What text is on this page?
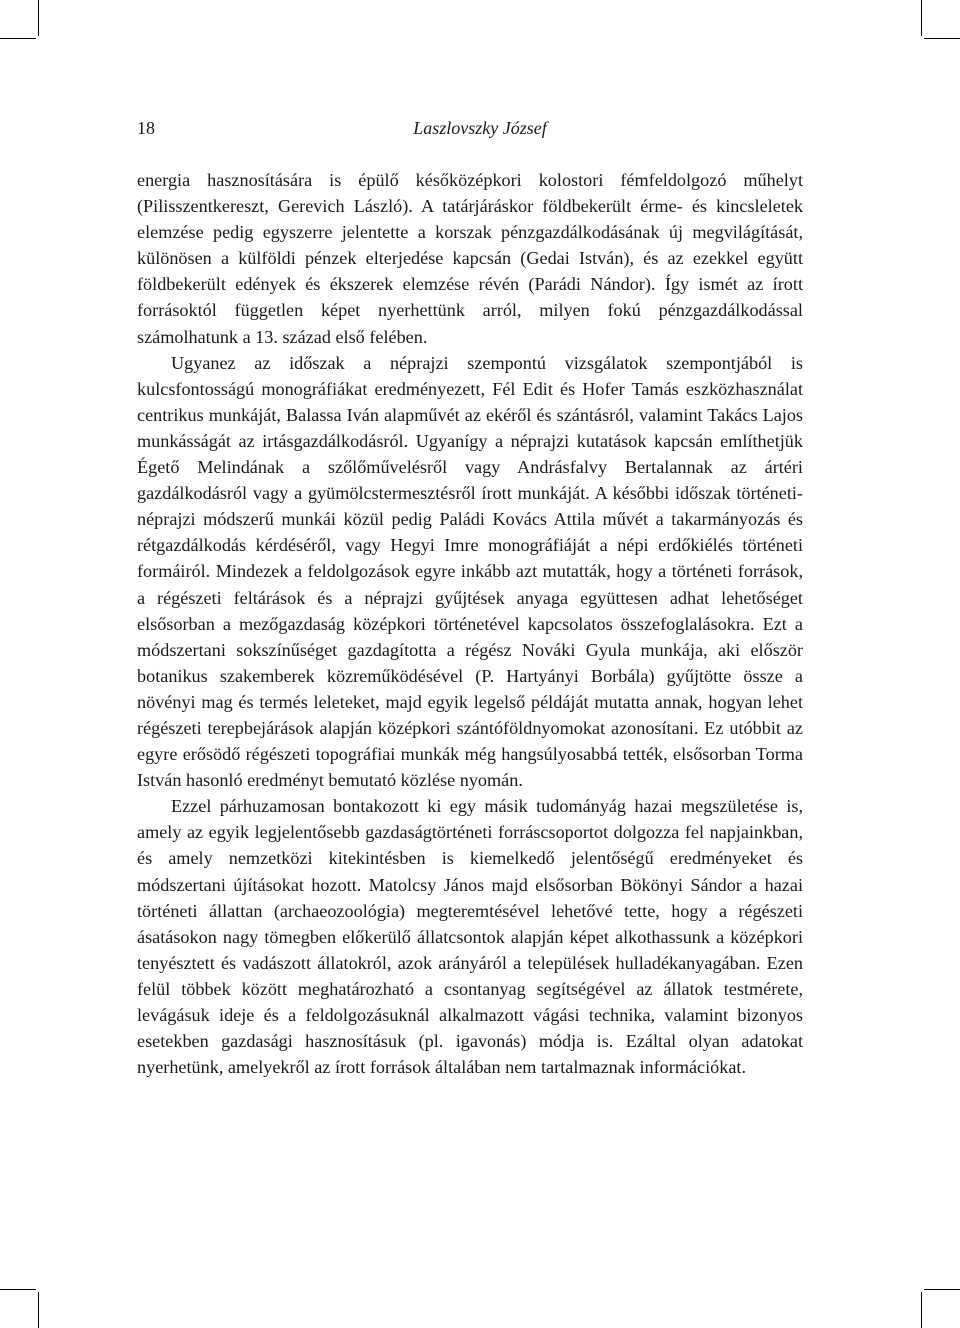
18	Laszlovszky József

energia hasznosítására is épülő későközépkori kolostori fémfeldolgozó műhelyt (Pilisszentkereszt, Gerevich László). A tatárjáráskor földbekerült érme- és kincsleletek elemzése pedig egyszerre jelentette a korszak pénzgazdálkodásának új megvilágítását, különösen a külföldi pénzek elterjedése kapcsán (Gedai István), és az ezekkel együtt földbekerült edények és ékszerek elemzése révén (Parádi Nándor). Így ismét az írott forrásoktól független képet nyerhettünk arról, milyen fokú pénzgazdálkodással számolhatunk a 13. század első felében.

Ugyanez az időszak a néprajzi szempontú vizsgálatok szempontjából is kulcsfontosságú monográfiákat eredményezett, Fél Edit és Hofer Tamás eszközhasználat centrikus munkáját, Balassa Iván alapművét az ekéről és szántásról, valamint Takács Lajos munkásságát az irtásgazdálkodásról. Ugyanígy a néprajzi kutatások kapcsán említhetjük Égető Melindának a szőlőművelésről vagy Andrásfalvy Bertalannak az ártéri gazdálkodásról vagy a gyümölcstermesztésről írott munkáját. A későbbi időszak történeti-néprajzi módszerű munkái közül pedig Paládi Kovács Attila művét a takarmányozás és rétgazdálkodás kérdéséről, vagy Hegyi Imre monográfiáját a népi erdőkiélés történeti formáiról. Mindezek a feldolgozások egyre inkább azt mutatták, hogy a történeti források, a régészeti feltárások és a néprajzi gyűjtések anyaga együttesen adhat lehetőséget elsősorban a mezőgazdaság középkori történetével kapcsolatos összefoglalásokra. Ezt a módszertani sokszínűséget gazdagította a régész Nováki Gyula munkája, aki először botanikus szakemberek közreműködésével (P. Hartyányi Borbála) gyűjtötte össze a növényi mag és termés leleteket, majd egyik legelső példáját mutatta annak, hogyan lehet régészeti terepbejárások alapján középkori szántóföldnyomokat azonosítani. Ez utóbbit az egyre erősödő régészeti topográfiai munkák még hangsúlyosabbá tették, elsősorban Torma István hasonló eredményt bemutató közlése nyomán.

Ezzel párhuzamosan bontakozott ki egy másik tudományág hazai megszületése is, amely az egyik legjelentősebb gazdaságtörténeti forráscsoportot dolgozza fel napjainkban, és amely nemzetközi kitekintésben is kiemelkedő jelentőségű eredményeket és módszertani újításokat hozott. Matolcsy János majd elsősorban Bökönyi Sándor a hazai történeti állattan (archaeozoológia) megteremtésével lehetővé tette, hogy a régészeti ásatásokon nagy tömegben előkerülő állatcsontok alapján képet alkothassunk a középkori tenyésztett és vadászott állatokról, azok arányáról a települések hulladékanyagában. Ezen felül többek között meghatározható a csontanyag segítségével az állatok testmérete, levágásuk ideje és a feldolgozásuknál alkalmazott vágási technika, valamint bizonyos esetekben gazdasági hasznosításuk (pl. igavonás) módja is. Ezáltal olyan adatokat nyerhetünk, amelyekről az írott források általában nem tartalmaznak információkat.
